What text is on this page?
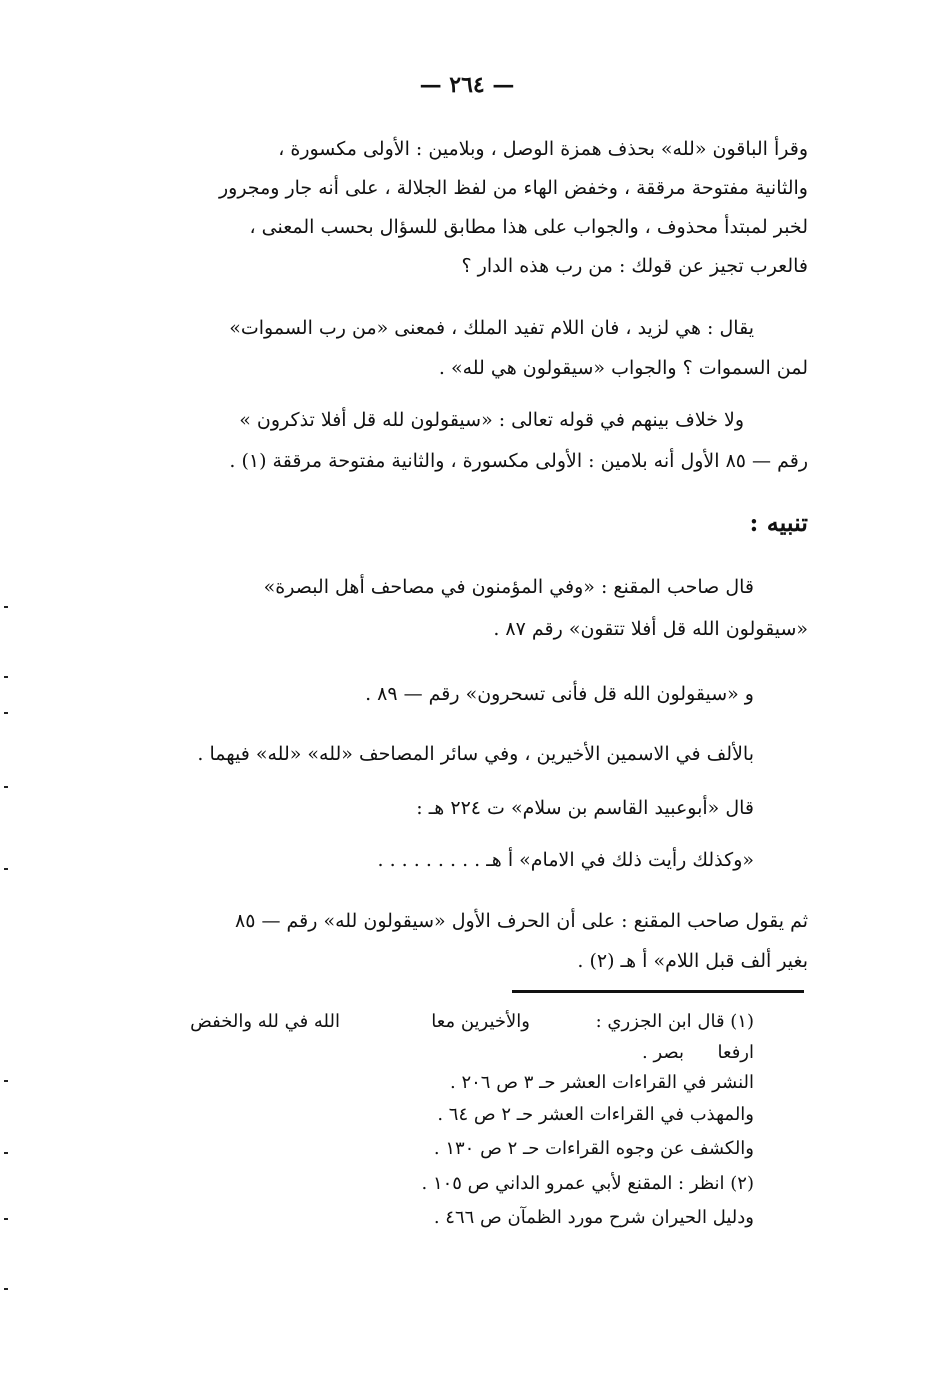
— ٢٦٤ —
وقرأ الباقون «لله» بحذف همزة الوصل ، وبلامين : الأولى مكسورة ،
والثانية مفتوحة مرققة ، وخفض الهاء من لفظ الجلالة ، على أنه جار ومجرور
لخبر لمبتدأ محذوف ، والجواب على هذا مطابق للسؤال بحسب المعنى ،
فالعرب تجيز عن قولك : من رب هذه الدار ؟
يقال : هي لزيد ، فان اللام تفيد الملك ، فمعنى «من رب السموات»
لمن السموات ؟ والجواب «سيقولون هي لله» .
ولا خلاف بينهم في قوله تعالى : «سيقولون لله قل أفلا تذكرون »
رقم — ٨٥ الأول أنه بلامين : الأولى مكسورة ، والثانية مفتوحة مرققة (١) .
تنبيه :
قال صاحب المقنع : «وفي المؤمنون في مصاحف أهل البصرة»
«سيقولون الله قل أفلا تتقون» رقم ٨٧ .
و «سيقولون الله قل فأنى تسحرون» رقم — ٨٩ .
بالألف في الاسمين الأخيرين ، وفي سائر المصاحف «لله» «لله» فيهما .
قال «أبوعبيد القاسم بن سلام» ت ٢٢٤ هـ :
«وكذلك رأيت ذلك في الامام» أ هـ . . . . . . . . .
ثم يقول صاحب المقنع : على أن الحرف الأول «سيقولون لله» رقم — ٨٥
بغير ألف قبل اللام» أ هـ (٢) .
(١) قال ابن الجزري :
والأخيرين معا
الله في لله والخفض
ارفعا
بصر .
النشر في القراءات العشر حـ ٣ ص ٢٠٦ .
والمهذب في القراءات العشر حـ ٢ ص ٦٤ .
والكشف عن وجوه القراءات حـ ٢ ص ١٣٠ .
(٢) انظر : المقنع لأبي عمرو الداني ص ١٠٥ .
ودليل الحيران شرح مورد الظمآن ص ٤٦٦ .
